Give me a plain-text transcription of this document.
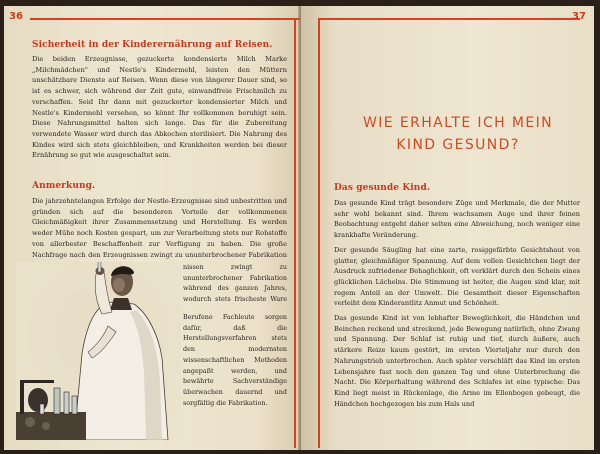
36
Sicherheit in der Kinderernährung auf Reisen.

Die beiden Erzeugnisse, gezuckerte kondensierte Milch Marke „Milchmädchen" und Nestle's Kindermehl, leisten den Müttern unschätzbare Dienste auf Reisen. Wenn diese von längerer Dauer sind, so ist es schwer, sich während der Zeit gute, einwandfreie Frischmilch zu verschaffen. Seid Ihr dann mit gezuckerter kondensierter Milch und Nestle's Kindermehl versehen, so könnt Ihr vollkommen beruhigt sein. Diese Nahrungsmittel halten sich lange. Das für die Zubereitung verwendete Wasser wird durch das Abkochen sterilisiert. Die Nahrung des Kindes wird sich stets gleichbleiben, und Krankheiten werden bei dieser Ernährung so gut wie ausgeschaltet sein.

Anmerkung.

Die jahrzehntelangen Erfolge der Nestle-Erzeugnisse sind unbestritten und gründen sich auf die besonderen Vorteile der vollkommenen Gleichmäßigkeit ihrer Zusammensetzung und Herstellung. Es werden weder Mühe noch Kosten gespart, um zur Verarbeitung stets nur Rohstoffe von allerbester Beschaffenheit zur Verfügung zu haben. Die große Nachfrage nach den Erzeugnissen zwingt zu ununterbrochener Fabrikation

nissen zwingt zu ununterbrochener Fabrikation während des ganzen Jahres, wodurch stets frischeste Ware

Berufene Fachleute sorgen dafür, daß die Herstellungsverfahren stets den modernsten wissenschaftlichen Methoden angepaßt werden, und bewährte Sachverständige überwachen dauernd und sorgfältig die Fabrikation.

37
WIE ERHALTE ICH MEIN
KIND GESUND?
Das gesunde Kind.

Das gesunde Kind trägt besondere Züge und Merkmale, die der Mutter sehr wohl bekannt sind. Ihrem wachsamen Auge und ihrer feinen Beobachtung entgeht daher selten eine Abweichung, noch weniger eine krankhafte Veränderung.

Der gesunde Säugling hat eine zarte, rosiggefärbte Gesichtshaut von glatter, gleichmäßiger Spannung. Auf dem vollen Gesichtchen liegt der Ausdruck zufriedener Behaglichkeit, oft verklärt durch den Schein eines glücklichen Lächelns. Die Stimmung ist heiter, die Augen sind klar, mit regem Anteil an der Umwelt. Die Gesamtheit dieser Eigenschaften verleiht dem Kinderantlitz Anmut und Schönheit.

Das gesunde Kind ist von lebhafter Beweglichkeit, die Händchen und Beinchen reckend und streckend, jede Bewegung natürlich, ohne Zwang und Spannung. Der Schlaf ist ruhig und tief, durch äußere, auch stärkere Reize kaum gestört, im ersten Vierteljahr nur durch den Nahrungstrieb unterbrochen. Auch später verschläft das Kind im ersten Lebensjahre fast noch den ganzen Tag und ohne Unterbrechung die Nacht. Die Körperhaltung während des Schlafes ist eine typische: Das Kind liegt meist in Rückenlage, die Arme im Ellenbogen gebeugt, die Händchen hochgezogen bis zum Hals und
